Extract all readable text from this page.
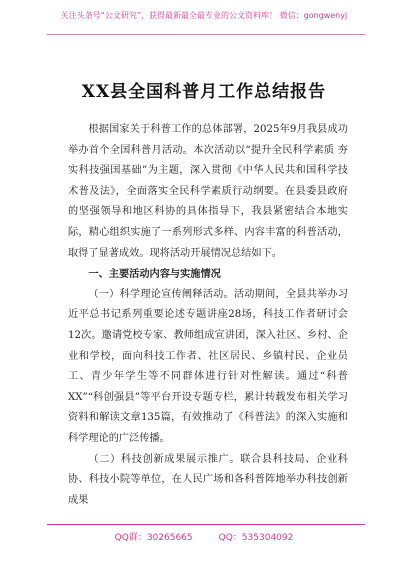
关注头条号“公文研究”，获得最新最全最专业的公文资料库！ 微信：gongwenyj
XX县全国科普月工作总结报告

根据国家关于科普工作的总体部署，2025年9月我县成功举办首个全国科普月活动。本次活动以“提升全民科学素质 夯实科技强国基础”为主题，深入贯彻《中华人民共和国科学技术普及法》，全面落实全民科学素质行动纲要。在县委县政府的坚强领导和地区科协的具体指导下，我县紧密结合本地实际，精心组织实施了一系列形式多样、内容丰富的科普活动，取得了显著成效。现将活动开展情况总结如下。

一、主要活动内容与实施情况

（一）科学理论宣传阐释活动。活动期间，全县共举办习近平总书记系列重要论述专题讲座28场，科技工作者研讨会12次。邀请党校专家、教师组成宣讲团，深入社区、乡村、企业和学校，面向科技工作者、社区居民、乡镇村民、企业员工、青少年学生等不同群体进行针对性解读。通过“科普XX”“科创强县”等平台开设专题专栏，累计转载发布相关学习资料和解读文章135篇，有效推动了《科普法》的深入实施和科学理论的广泛传播。

（二）科技创新成果展示推广。联合县科技局、企业科协、科技小院等单位，在人民广场和各科普阵地举办科技创新成果

QQ群：30265665	QQ：535304092
